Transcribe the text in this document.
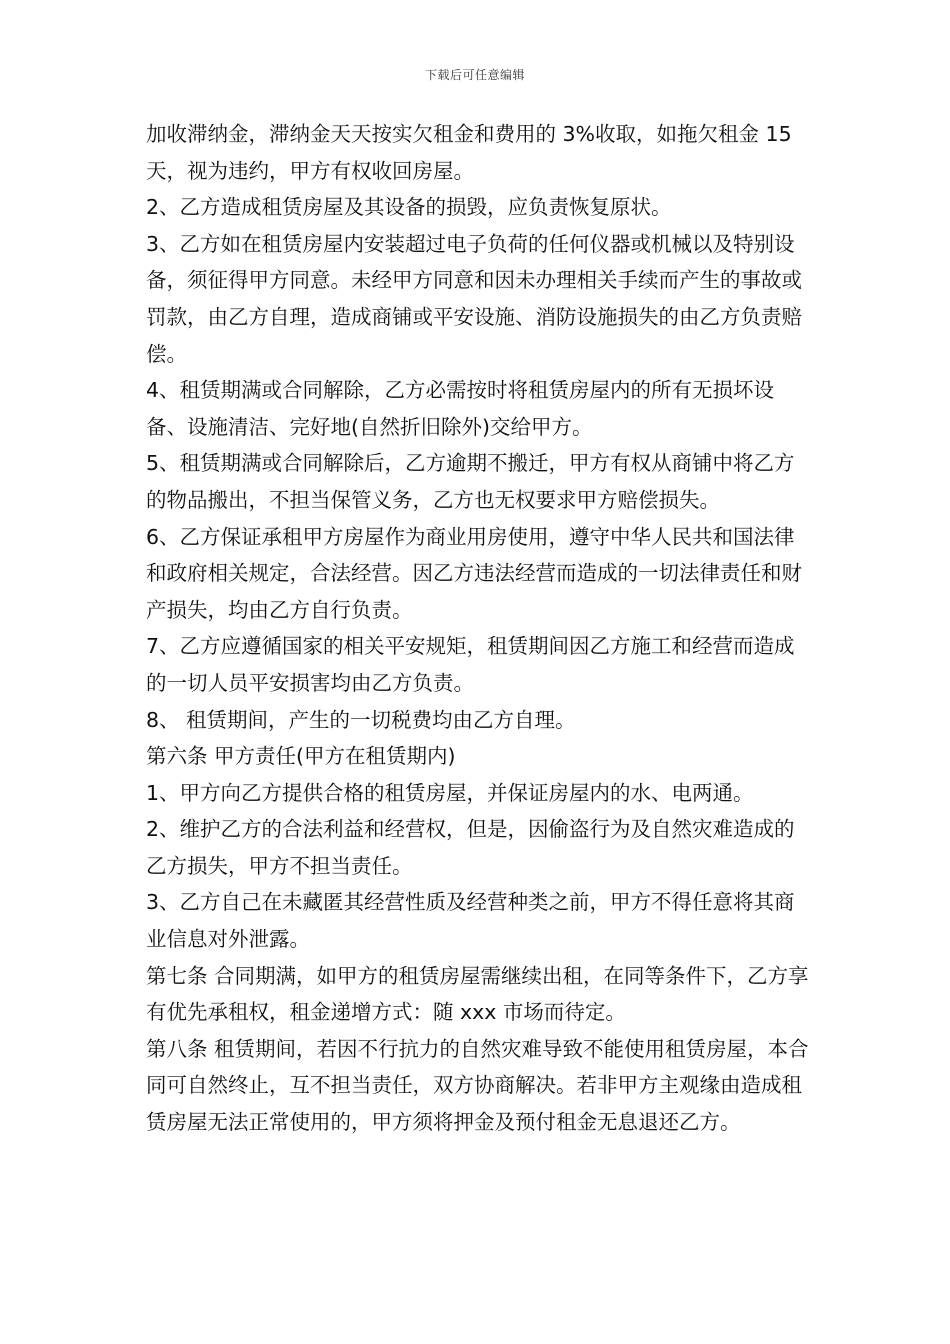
下载后可任意编辑

加收滞纳金，滞纳金天天按实欠租金和费用的 3%收取，如拖欠租金 15 天，视为违约，甲方有权收回房屋。

2、乙方造成租赁房屋及其设备的损毁，应负责恢复原状。

3、乙方如在租赁房屋内安装超过电子负荷的任何仪器或机械以及特别设备，须征得甲方同意。未经甲方同意和因未办理相关手续而产生的事故或罚款，由乙方自理，造成商铺或平安设施、消防设施损失的由乙方负责赔偿。

4、租赁期满或合同解除，乙方必需按时将租赁房屋内的所有无损坏设备、设施清洁、完好地(自然折旧除外)交给甲方。

5、租赁期满或合同解除后，乙方逾期不搬迁，甲方有权从商铺中将乙方的物品搬出，不担当保管义务，乙方也无权要求甲方赔偿损失。

6、乙方保证承租甲方房屋作为商业用房使用，遵守中华人民共和国法律和政府相关规定，合法经营。因乙方违法经营而造成的一切法律责任和财产损失，均由乙方自行负责。

7、乙方应遵循国家的相关平安规矩，租赁期间因乙方施工和经营而造成的一切人员平安损害均由乙方负责。

8、 租赁期间，产生的一切税费均由乙方自理。

第六条 甲方责任(甲方在租赁期内)

1、甲方向乙方提供合格的租赁房屋，并保证房屋内的水、电两通。

2、维护乙方的合法利益和经营权，但是，因偷盗行为及自然灾难造成的乙方损失，甲方不担当责任。

3、乙方自己在未藏匿其经营性质及经营种类之前，甲方不得任意将其商业信息对外泄露。

第七条 合同期满，如甲方的租赁房屋需继续出租，在同等条件下，乙方享有优先承租权，租金递增方式：随 xxx 市场而待定。

第八条 租赁期间，若因不行抗力的自然灾难导致不能使用租赁房屋，本合同可自然终止，互不担当责任，双方协商解决。若非甲方主观缘由造成租赁房屋无法正常使用的，甲方须将押金及预付租金无息退还乙方。
